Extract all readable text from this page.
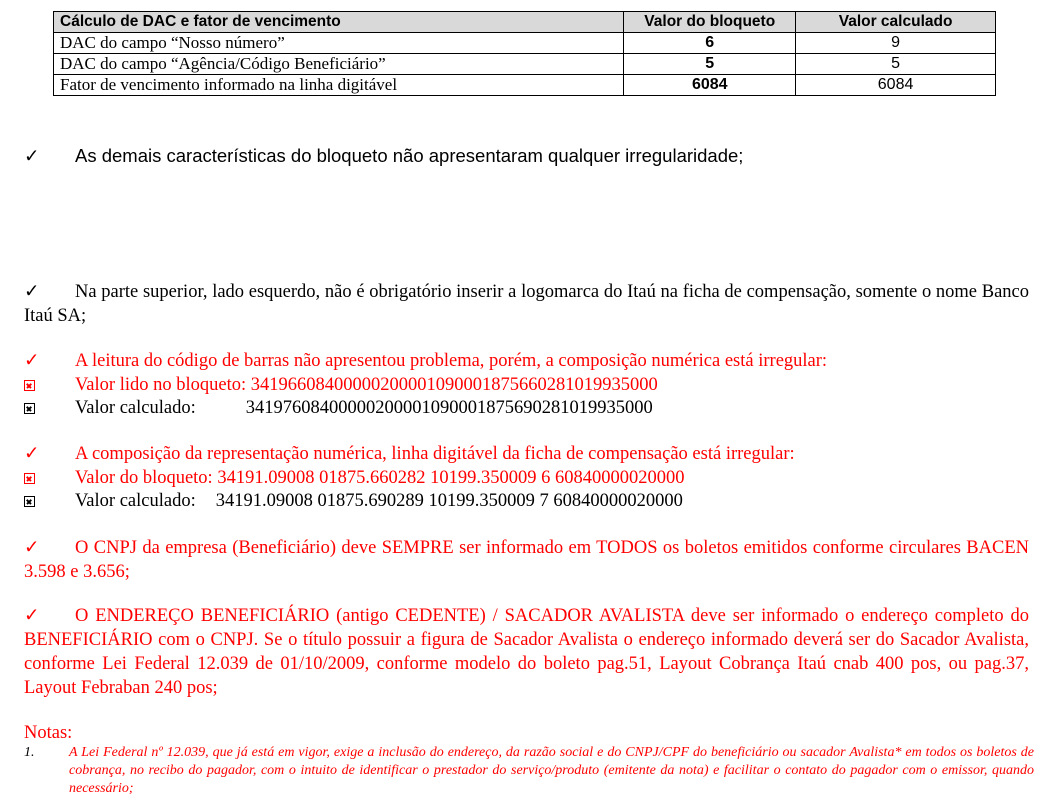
Cálculo de DAC e fator de vencimento	Valor do bloqueto	Valor calculado
DAC do campo “Nosso número”	6	9
DAC do campo “Agência/Código Beneficiário”	5	5
Fator de vencimento informado na linha digitável	6084	6084
✓ As demais características do bloqueto não apresentaram qualquer irregularidade;
✓ Na parte superior, lado esquerdo, não é obrigatório inserir a logomarca do Itaú na ficha de compensação, somente o nome Banco Itaú SA;
✓ A leitura do código de barras não apresentou problema, porém, a composição numérica está irregular:
Valor lido no bloqueto: 34196608400000200001090001875660281019935000
Valor calculado:	34197608400000200001090001875690281019935000
✓ A composição da representação numérica, linha digitável da ficha de compensação está irregular:
Valor do bloqueto: 34191.09008 01875.660282 10199.350009 6 60840000020000
Valor calculado: 34191.09008 01875.690289 10199.350009 7 60840000020000
✓ O CNPJ da empresa (Beneficiário) deve SEMPRE ser informado em TODOS os boletos emitidos conforme circulares BACEN 3.598 e 3.656;
✓ O ENDEREÇO BENEFICIÁRIO (antigo CEDENTE) / SACADOR AVALISTA deve ser informado o endereço completo do BENEFICIÁRIO com o CNPJ. Se o título possuir a figura de Sacador Avalista o endereço informado deverá ser do Sacador Avalista, conforme Lei Federal 12.039 de 01/10/2009, conforme modelo do boleto pag.51, Layout Cobrança Itaú cnab 400 pos, ou pag.37, Layout Febraban 240 pos;
Notas:
1. A Lei Federal nº 12.039, que já está em vigor, exige a inclusão do endereço, da razão social e do CNPJ/CPF do beneficiário ou sacador Avalista* em todos os boletos de cobrança, no recibo do pagador, com o intuito de identificar o prestador do serviço/produto (emitente da nota) e facilitar o contato do pagador com o emissor, quando necessário;
